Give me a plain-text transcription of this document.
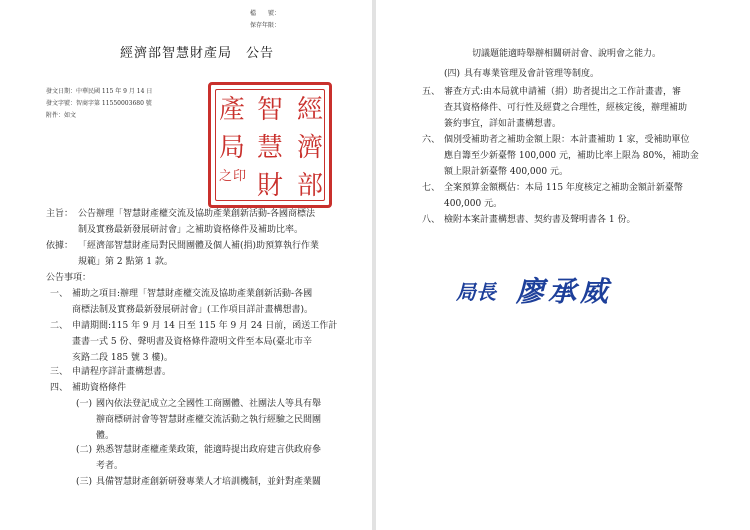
檔　　號：
保存年限：
經濟部智慧財產局　公告
發文日期：中華民國 115 年 9 月 14 日
發文字號：智商字第 11550003680 號
附件：如文	經
濟
部
智
慧
財
產
局
之 印
主旨： 公告辦理「智慧財產權交流及協助產業創新活動-各國商標法
制及實務最新發展研討會」之補助資格條件及補助比率。
依據： 「經濟部智慧財產局對民間團體及個人補(捐)助預算執行作業
規範」第 2 點第 1 款。
公告事項：
一、 補助之項目:辦理「智慧財產權交流及協助產業創新活動-各國
商標法制及實務最新發展研討會」(工作項目詳計畫構想書)。
二、 申請期間:115 年 9 月 14 日至 115 年 9 月 24 日前，函送工作計
畫書一式 5 份、聲明書及資格條件證明文件至本局(臺北市辛
亥路二段 185 號 3 樓)。
三、 申請程序詳計畫構想書。
四、 補助資格條件
(一) 國內依法登記成立之全國性工商團體、社團法人等具有舉
辦商標研討會等智慧財產權交流活動之執行經驗之民間團
體。
(二) 熟悉智慧財產權產業政策，能適時提出政府建言供政府參
考者。
(三) 具備智慧財產創新研發專業人才培訓機制，並針對產業關
切議題能適時舉辦相關研討會、說明會之能力。
(四) 具有專業管理及會計管理等制度。
五、 審查方式:由本局就申請補（捐）助者提出之工作計畫書，審
查其資格條件、可行性及經費之合理性，經核定後，辦理補助
簽約事宜，詳如計畫構想書。
六、 個別受補助者之補助金額上限：本計畫補助 1 家，受補助單位
應自籌至少新臺幣 100,000 元，補助比率上限為 80%，補助金
額上限計新臺幣 400,000 元。
七、 全案預算金額概估：本局 115 年度核定之補助金額計新臺幣
400,000 元。
八、 檢附本案計畫構想書、契約書及聲明書各 1 份。
局長 廖承威
